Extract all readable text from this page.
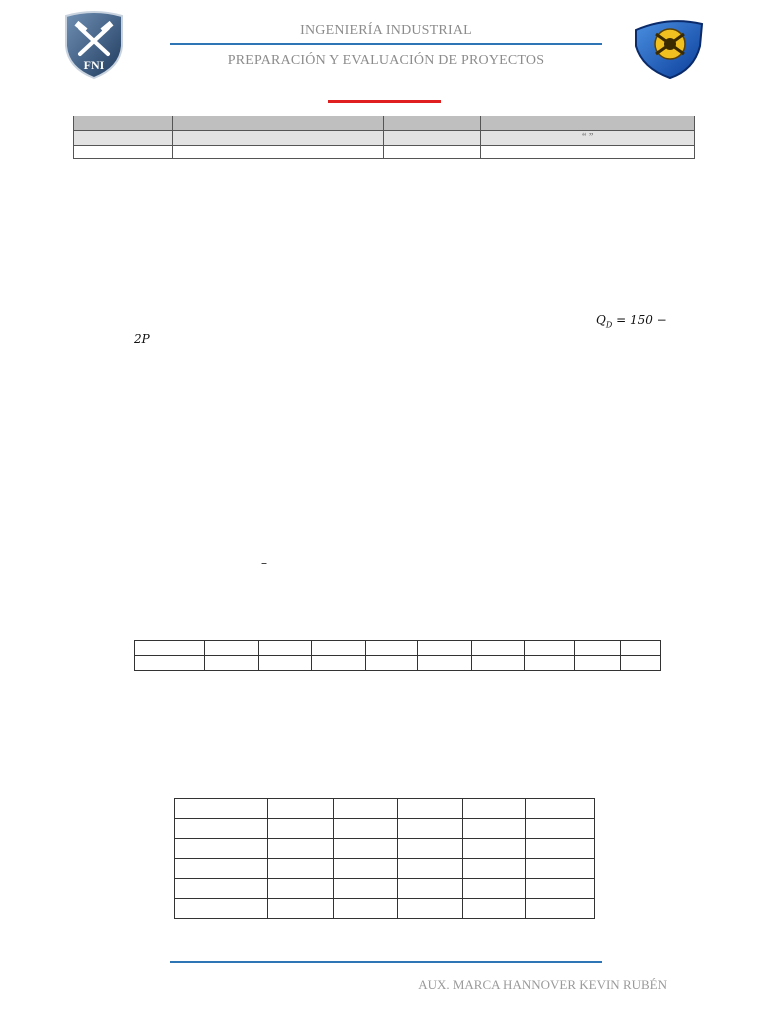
FNI
INGENIERÍA INDUSTRIAL
PREPARACIÓN Y EVALUACIÓN DE PROYECTOS

			“ ”

$Q_D = 150$ −
2P
–

AUX. MARCA HANNOVER KEVIN RUBÉN
